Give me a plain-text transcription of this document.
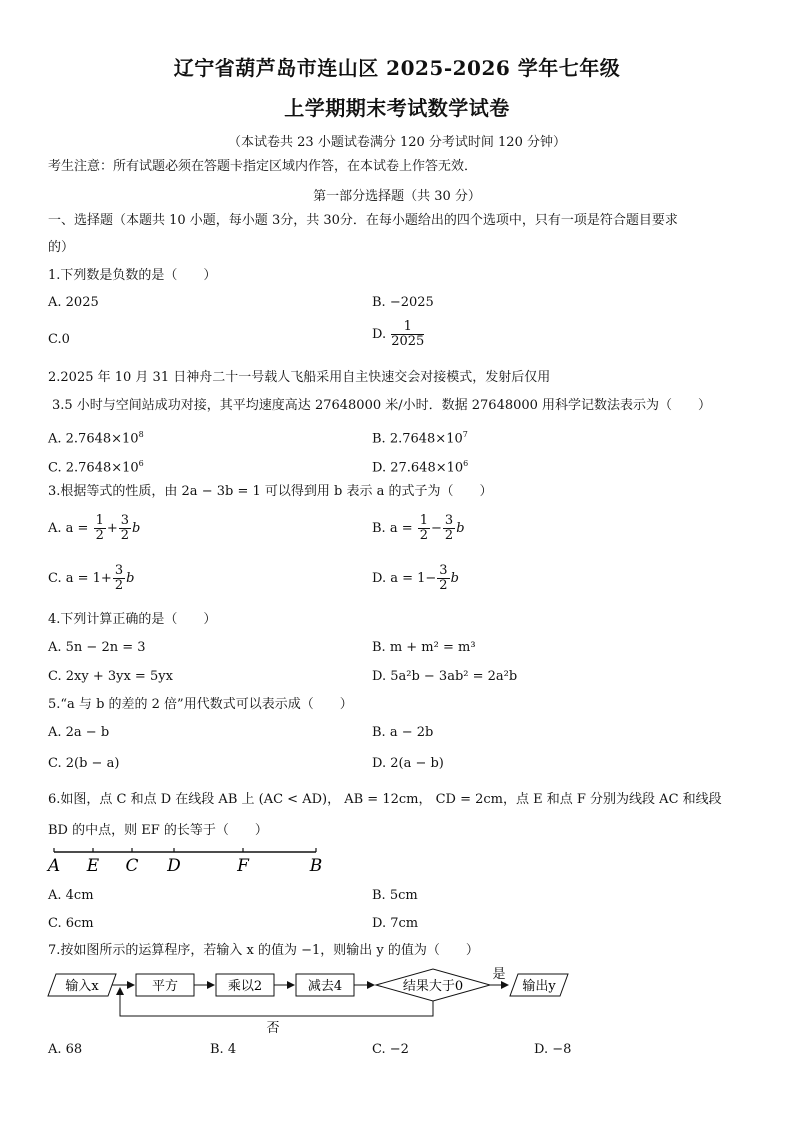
辽宁省葫芦岛市连山区 2025-2026 学年七年级
上学期期末考试数学试卷
（本试卷共 23 小题试卷满分 120 分考试时间 120 分钟）
考生注意：所有试题必须在答题卡指定区域内作答，在本试卷上作答无效．
第一部分选择题（共 30 分）
一、选择题（本题共 10 小题，每小题 3分，共 30分．在每小题给出的四个选项中，只有一项是符合题目要求
的）
1.下列数是负数的是（　　）
A. 2025	B. −2025
C.0	D. $\frac{1}{2025}$
2.2025 年 10 月 31 日神舟二十一号载人飞船采用自主快速交会对接模式，发射后仅用
3.5 小时与空间站成功对接，其平均速度高达 27648000 米/小时．数据 27648000 用科学记数法表示为（　　）
A. $2.7648\times 10^8$	B. $2.7648\times 10^7$
C. $2.7648\times 10^6$	D. $27.648\times 10^6$
3.根据等式的性质，由 2a − 3b = 1 可以得到用 b 表示 a 的式子为（　　）
A. $a = \frac{1}{2} + \frac{3}{2}$ b	B. $a = \frac{1}{2} - \frac{3}{2}$ b
C. $a = 1+ \frac{3}{2}$ b	D. $a = 1- \frac{3}{2}$ b
4.下列计算正确的是（　　）
A. 5n − 2n = 3	B. m + m² = m³
C. 2xy + 3yx = 5yx	D. 5a²b − 3ab² = 2a²b
5.“a 与 b 的差的 2 倍”用代数式可以表示成（　　）
A. 2a − b	B. a − 2b
C. 2(b − a)	D. 2(a − b)
6.如图，点 C 和点 D 在线段 AB 上 (AC < AD)， AB = 12cm， CD = 2cm，点 E 和点 F 分别为线段 AC 和线段
BD 的中点，则 EF 的长等于（　　）
A E C D	F	B
A. 4cm	B. 5cm
C. 6cm	D. 7cm
7.按如图所示的运算程序，若输入 x 的值为 −1，则输出 y 的值为（　　）
输入x	平方	乘以2	减去4	结果大于0
是
输出y
否
A. 68	B. 4	C. −2	D. −8
